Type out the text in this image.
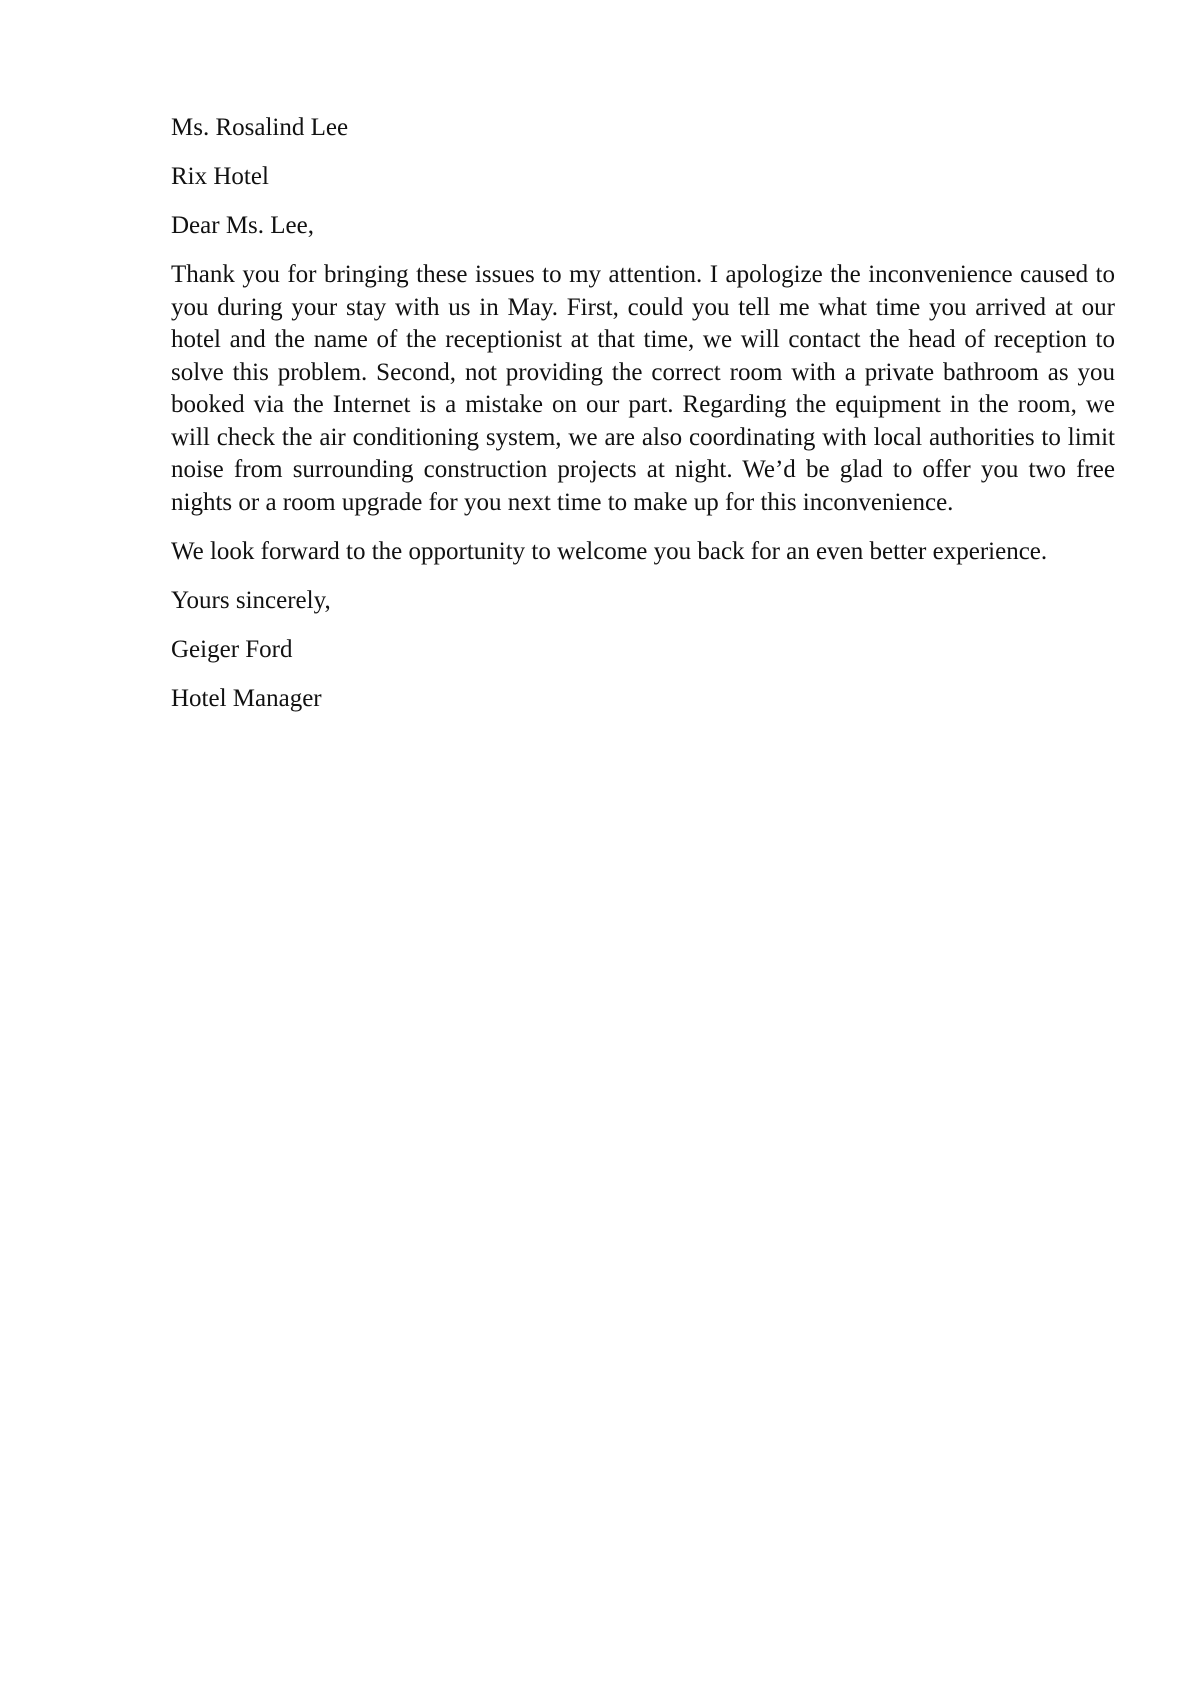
Ms. Rosalind Lee

Rix Hotel

Dear Ms. Lee,

Thank you for bringing these issues to my attention. I apologize the inconvenience caused to you during your stay with us in May. First, could you tell me what time you arrived at our hotel and the name of the receptionist at that time, we will contact the head of reception to solve this problem. Second, not providing the correct room with a private bathroom as you booked via the Internet is a mistake on our part. Regarding the equipment in the room, we will check the air conditioning system, we are also coordinating with local authorities to limit noise from surrounding construction projects at night. We’d be glad to offer you two free nights or a room upgrade for you next time to make up for this inconvenience.

We look forward to the opportunity to welcome you back for an even better experience.

Yours sincerely,

Geiger Ford

Hotel Manager
